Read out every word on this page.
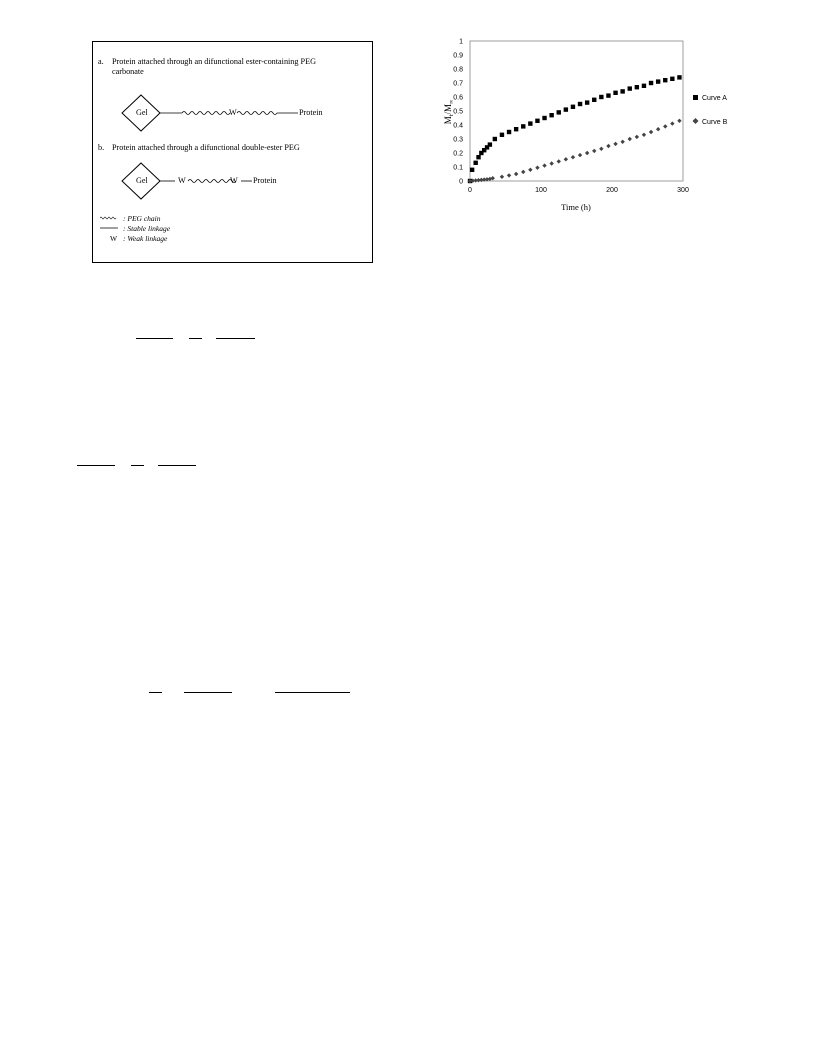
a. Protein attached through an difunctional ester-containing PEG
carbonate
Gel	W	Protein
b. Protein attached through a difunctional double-ester PEG
Gel	W	W Protein
: PEG chain
: Stable linkage
W : Weak linkage
0
0.1
0.2
0.3
0.4
0.5
0.6
0.7
0.8
0.9
1
0	100	200	300
$M_t/M_\infty$
Time (h)
Curve A
Curve B
